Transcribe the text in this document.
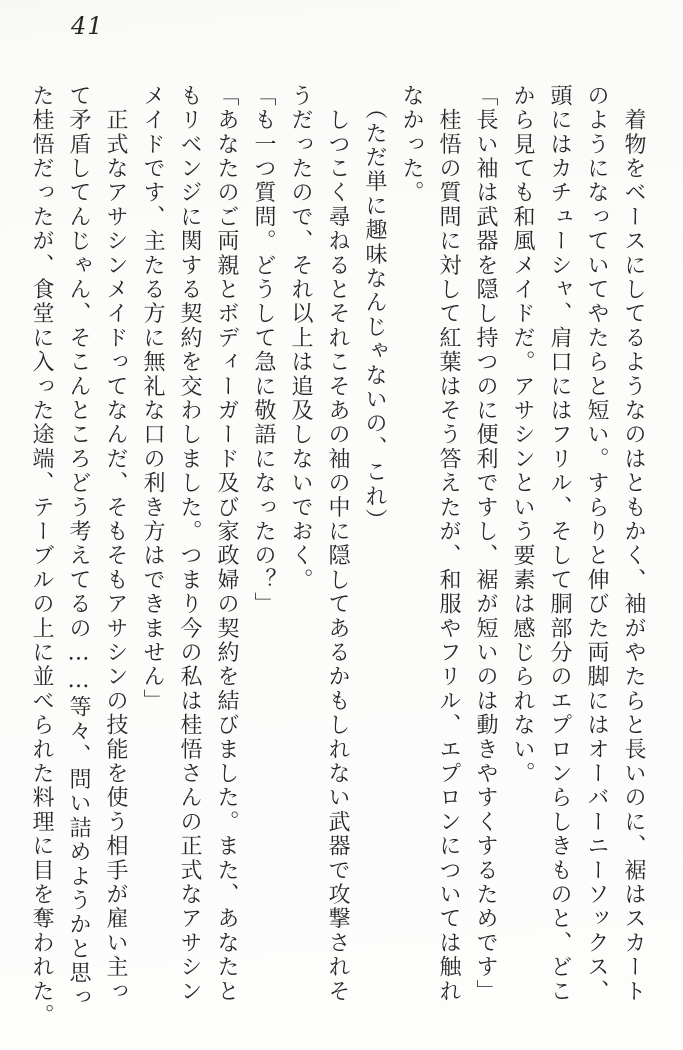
41
　着物をベースにしてるようなのはともかく、袖がやたらと長いのに、裾はスカート
のようになっていてやたらと短い。すらりと伸びた両脚にはオーバーニーソックス、
頭にはカチューシャ、肩口にはフリル、そして胴部分のエプロンらしきものと、どこ
から見ても和風メイドだ。アサシンという要素は感じられない。
「長い袖は武器を隠し持つのに便利ですし、裾が短いのは動きやすくするためです」
　桂悟の質問に対して紅葉はそう答えたが、和服やフリル、エプロンについては触れ
なかった。
　（ただ単に趣味なんじゃないの、これ）
　しつこく尋ねるとそれこそあの袖の中に隠してあるかもしれない武器で攻撃されそ
うだったので、それ以上は追及しないでおく。
「も一つ質問。どうして急に敬語になったの？」
「あなたのご両親とボディーガード及び家政婦の契約を結びました。また、あなたと
もリベンジに関する契約を交わしました。つまり今の私は桂悟さんの正式なアサシン
メイドです、主たる方に無礼な口の利き方はできません」
　正式なアサシンメイドってなんだ、そもそもアサシンの技能を使う相手が雇い主っ
て矛盾してんじゃん、そこんところどう考えてるの……等々、問い詰めようかと思っ
た桂悟だったが、食堂に入った途端、テーブルの上に並べられた料理に目を奪われた。
